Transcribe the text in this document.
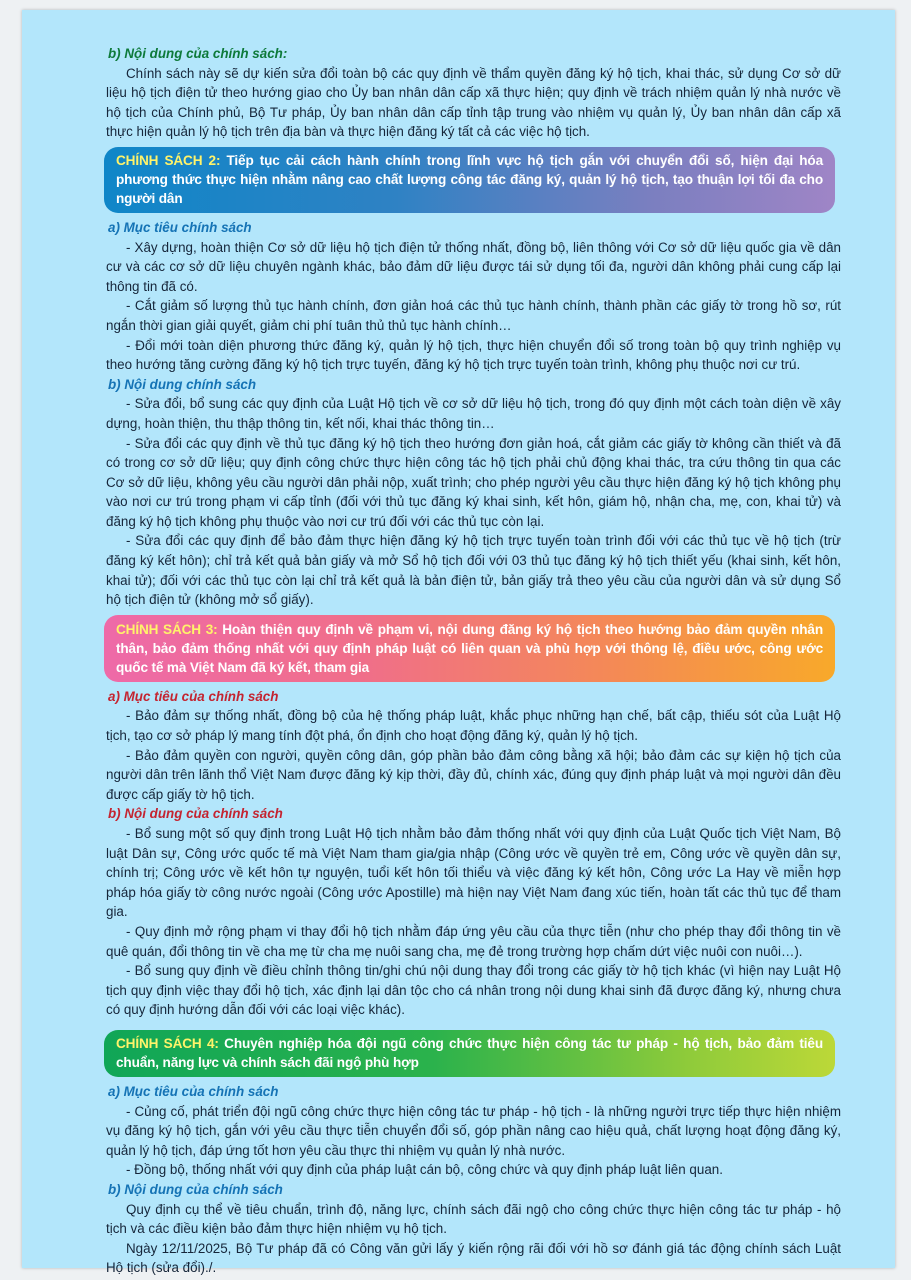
b) Nội dung của chính sách:

Chính sách này sẽ dự kiến sửa đổi toàn bộ các quy định về thẩm quyền đăng ký hộ tịch, khai thác, sử dụng Cơ sở dữ liệu hộ tịch điện tử theo hướng giao cho Ủy ban nhân dân cấp xã thực hiện; quy định về trách nhiệm quản lý nhà nước về hộ tịch của Chính phủ, Bộ Tư pháp, Ủy ban nhân dân cấp tỉnh tập trung vào nhiệm vụ quản lý, Ủy ban nhân dân cấp xã thực hiện quản lý hộ tịch trên địa bàn và thực hiện đăng ký tất cả các việc hộ tịch.

CHÍNH SÁCH 2: Tiếp tục cải cách hành chính trong lĩnh vực hộ tịch gắn với chuyển đổi số, hiện đại hóa phương thức thực hiện nhằm nâng cao chất lượng công tác đăng ký, quản lý hộ tịch, tạo thuận lợi tối đa cho người dân
a) Mục tiêu chính sách

- Xây dựng, hoàn thiện Cơ sở dữ liệu hộ tịch điện tử thống nhất, đồng bộ, liên thông với Cơ sở dữ liệu quốc gia về dân cư và các cơ sở dữ liệu chuyên ngành khác, bảo đảm dữ liệu được tái sử dụng tối đa, người dân không phải cung cấp lại thông tin đã có.

- Cắt giảm số lượng thủ tục hành chính, đơn giản hoá các thủ tục hành chính, thành phần các giấy tờ trong hồ sơ, rút ngắn thời gian giải quyết, giảm chi phí tuân thủ thủ tục hành chính…

- Đổi mới toàn diện phương thức đăng ký, quản lý hộ tịch, thực hiện chuyển đổi số trong toàn bộ quy trình nghiệp vụ theo hướng tăng cường đăng ký hộ tịch trực tuyến, đăng ký hộ tịch trực tuyến toàn trình, không phụ thuộc nơi cư trú.

b) Nội dung chính sách

- Sửa đổi, bổ sung các quy định của Luật Hộ tịch về cơ sở dữ liệu hộ tịch, trong đó quy định một cách toàn diện về xây dựng, hoàn thiện, thu thập thông tin, kết nối, khai thác thông tin…

- Sửa đổi các quy định về thủ tục đăng ký hộ tịch theo hướng đơn giản hoá, cắt giảm các giấy tờ không cần thiết và đã có trong cơ sở dữ liệu; quy định công chức thực hiện công tác hộ tịch phải chủ động khai thác, tra cứu thông tin qua các Cơ sở dữ liệu, không yêu cầu người dân phải nộp, xuất trình; cho phép người yêu cầu thực hiện đăng ký hộ tịch không phụ vào nơi cư trú trong phạm vi cấp tỉnh (đối với thủ tục đăng ký khai sinh, kết hôn, giám hộ, nhận cha, mẹ, con, khai tử) và đăng ký hộ tịch không phụ thuộc vào nơi cư trú đối với các thủ tục còn lại.

- Sửa đổi các quy định để bảo đảm thực hiện đăng ký hộ tịch trực tuyến toàn trình đối với các thủ tục về hộ tịch (trừ đăng ký kết hôn); chỉ trả kết quả bản giấy và mở Sổ hộ tịch đối với 03 thủ tục đăng ký hộ tịch thiết yếu (khai sinh, kết hôn, khai tử); đối với các thủ tục còn lại chỉ trả kết quả là bản điện tử, bản giấy trả theo yêu cầu của người dân và sử dụng Sổ hộ tịch điện tử (không mở sổ giấy).

CHÍNH SÁCH 3: Hoàn thiện quy định về phạm vi, nội dung đăng ký hộ tịch theo hướng bảo đảm quyền nhân thân, bảo đảm thống nhất với quy định pháp luật có liên quan và phù hợp với thông lệ, điều ước, công ước quốc tế mà Việt Nam đã ký kết, tham gia
a) Mục tiêu của chính sách

- Bảo đảm sự thống nhất, đồng bộ của hệ thống pháp luật, khắc phục những hạn chế, bất cập, thiếu sót của Luật Hộ tịch, tạo cơ sở pháp lý mang tính đột phá, ổn định cho hoạt động đăng ký, quản lý hộ tịch.

- Bảo đảm quyền con người, quyền công dân, góp phần bảo đảm công bằng xã hội; bảo đảm các sự kiện hộ tịch của người dân trên lãnh thổ Việt Nam được đăng ký kịp thời, đầy đủ, chính xác, đúng quy định pháp luật và mọi người dân đều được cấp giấy tờ hộ tịch.

b) Nội dung của chính sách

- Bổ sung một số quy định trong Luật Hộ tịch nhằm bảo đảm thống nhất với quy định của Luật Quốc tịch Việt Nam, Bộ luật Dân sự, Công ước quốc tế mà Việt Nam tham gia/gia nhập (Công ước về quyền trẻ em, Công ước về quyền dân sự, chính trị; Công ước về kết hôn tự nguyện, tuổi kết hôn tối thiểu và việc đăng ký kết hôn, Công ước La Hay về miễn hợp pháp hóa giấy tờ công nước ngoài (Công ước Apostille) mà hiện nay Việt Nam đang xúc tiến, hoàn tất các thủ tục để tham gia.

- Quy định mở rộng phạm vi thay đổi hộ tịch nhằm đáp ứng yêu cầu của thực tiễn (như cho phép thay đổi thông tin về quê quán, đổi thông tin về cha mẹ từ cha mẹ nuôi sang cha, mẹ đẻ trong trường hợp chấm dứt việc nuôi con nuôi…).

- Bổ sung quy định về điều chỉnh thông tin/ghi chú nội dung thay đổi trong các giấy tờ hộ tịch khác (vì hiện nay Luật Hộ tịch quy định việc thay đổi hộ tịch, xác định lại dân tộc cho cá nhân trong nội dung khai sinh đã được đăng ký, nhưng chưa có quy định hướng dẫn đối với các loại việc khác).

CHÍNH SÁCH 4: Chuyên nghiệp hóa đội ngũ công chức thực hiện công tác tư pháp - hộ tịch, bảo đảm tiêu chuẩn, năng lực và chính sách đãi ngộ phù hợp
a) Mục tiêu của chính sách

- Củng cố, phát triển đội ngũ công chức thực hiện công tác tư pháp - hộ tịch - là những người trực tiếp thực hiện nhiệm vụ đăng ký hộ tịch, gắn với yêu cầu thực tiễn chuyển đổi số, góp phần nâng cao hiệu quả, chất lượng hoạt động đăng ký, quản lý hộ tịch, đáp ứng tốt hơn yêu cầu thực thi nhiệm vụ quản lý nhà nước.

- Đồng bộ, thống nhất với quy định của pháp luật cán bộ, công chức và quy định pháp luật liên quan.

b) Nội dung của chính sách

Quy định cụ thể về tiêu chuẩn, trình độ, năng lực, chính sách đãi ngộ cho công chức thực hiện công tác tư pháp - hộ tịch và các điều kiện bảo đảm thực hiện nhiệm vụ hộ tịch.

Ngày 12/11/2025, Bộ Tư pháp đã có Công văn gửi lấy ý kiến rộng rãi đối với hồ sơ đánh giá tác động chính sách Luật Hộ tịch (sửa đổi)./.
